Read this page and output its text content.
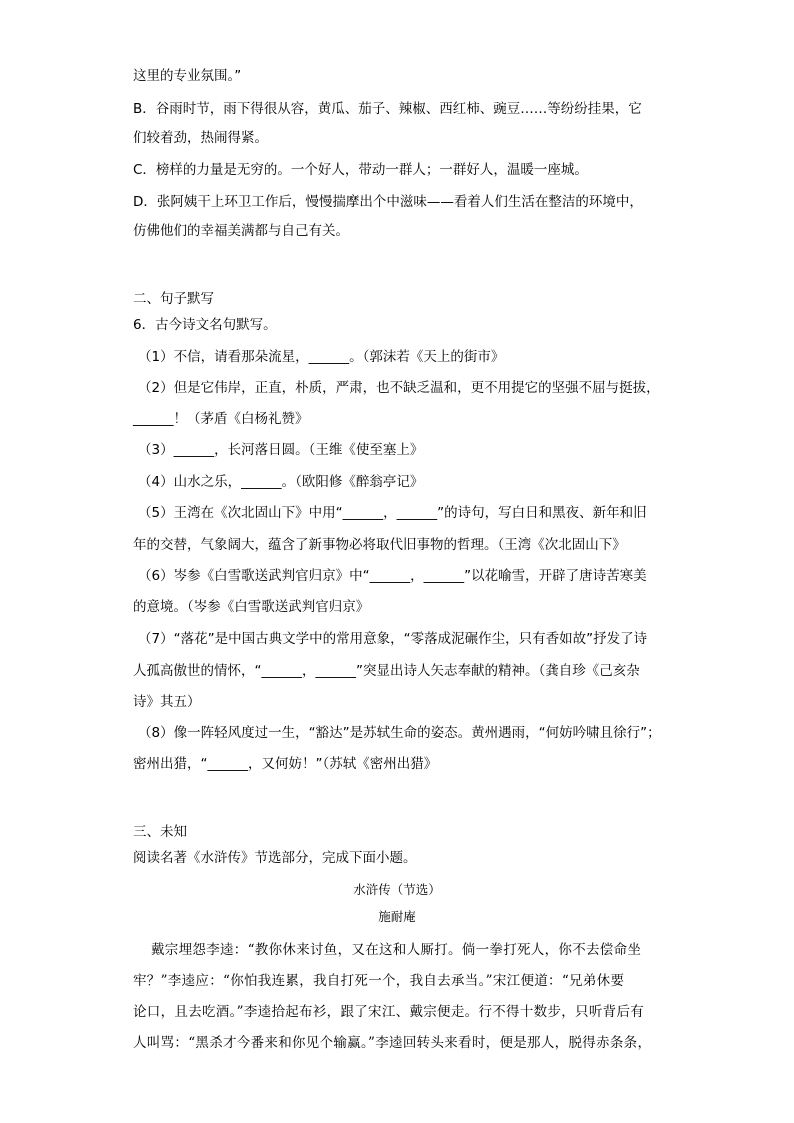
这里的专业氛围。”
B．谷雨时节，雨下得很从容，黄瓜、茄子、辣椒、西红柿、豌豆……等纷纷挂果，它
们较着劲，热闹得紧。
C．榜样的力量是无穷的。一个好人，带动一群人；一群好人，温暖一座城。
D．张阿姨干上环卫工作后，慢慢揣摩出个中滋味——看着人们生活在整洁的环境中，
仿佛他们的幸福美满都与自己有关。
二、句子默写
6．古今诗文名句默写。
（1）不信，请看那朵流星，______。（郭沫若《天上的街市》
（2）但是它伟岸，正直，朴质，严肃，也不缺乏温和，更不用提它的坚强不屈与挺拔，
______！（茅盾《白杨礼赞》
（3）______，长河落日圆。（王维《使至塞上》
（4）山水之乐，______。（欧阳修《醉翁亭记》
（5）王湾在《次北固山下》中用“______，______”的诗句，写白日和黑夜、新年和旧
年的交替，气象阔大，蕴含了新事物必将取代旧事物的哲理。（王湾《次北固山下》
（6）岑参《白雪歌送武判官归京》中“______，______”以花喻雪，开辟了唐诗苦寒美
的意境。（岑参《白雪歌送武判官归京》
（7）“落花”是中国古典文学中的常用意象，“零落成泥碾作尘，只有香如故”抒发了诗
人孤高傲世的情怀，“______，______”突显出诗人矢志奉献的精神。（龚自珍《己亥杂
诗》其五）
（8）像一阵轻风度过一生，“豁达”是苏轼生命的姿态。黄州遇雨，“何妨吟啸且徐行”；
密州出猎，“______，又何妨！”（苏轼《密州出猎》
三、未知
阅读名著《水浒传》节选部分，完成下面小题。
水浒传（节选）
施耐庵
戴宗埋怨李逵：“教你休来讨鱼，又在这和人厮打。倘一拳打死人，你不去偿命坐
牢？”李逵应：“你怕我连累，我自打死一个，我自去承当。”宋江便道：“兄弟休要
论口，且去吃酒。”李逵拾起布衫，跟了宋江、戴宗便走。行不得十数步，只听背后有
人叫骂：“黑杀才今番来和你见个输赢。”李逵回转头来看时，便是那人，脱得赤条条，
